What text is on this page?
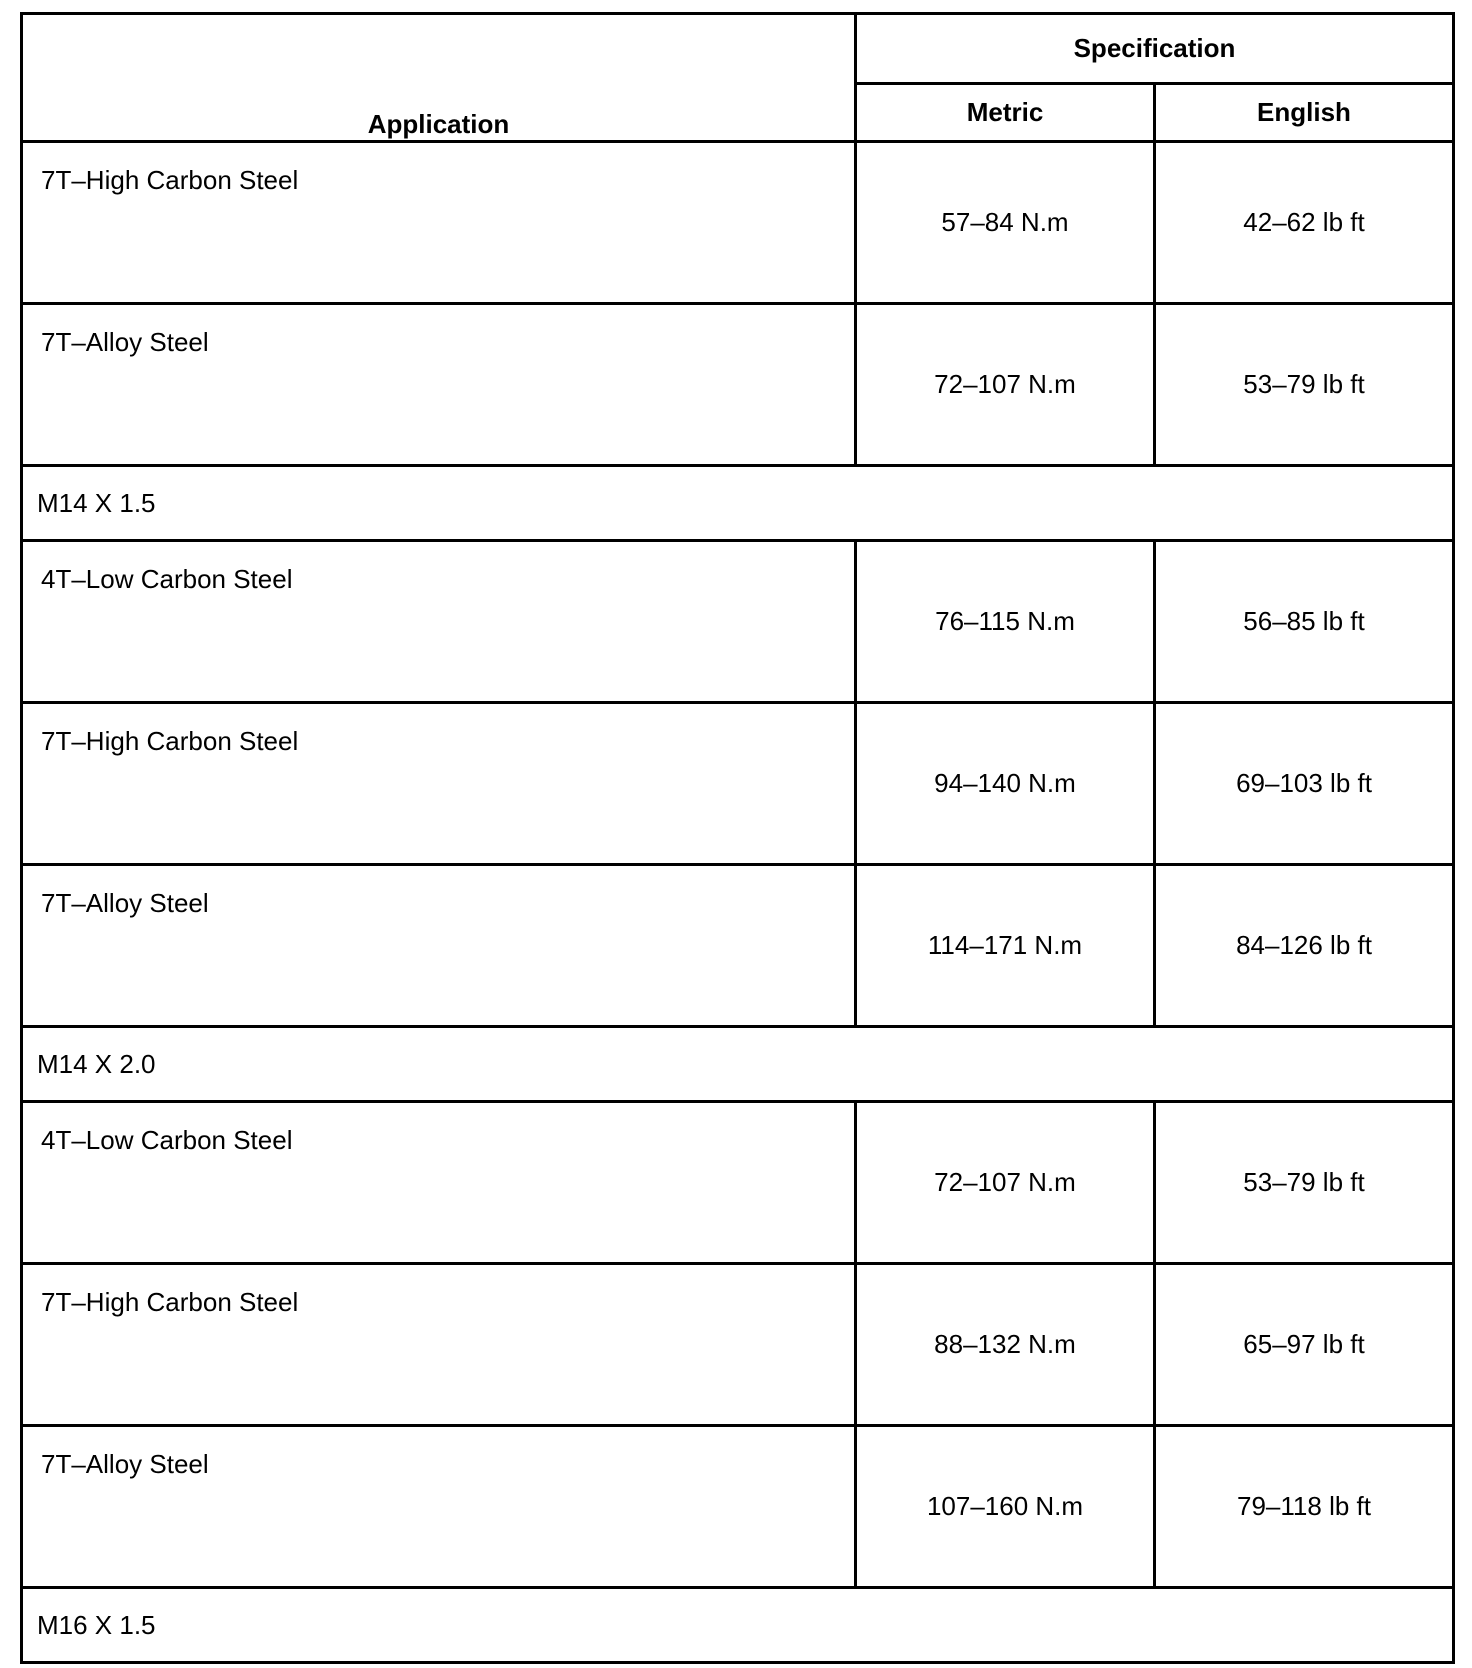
Application	Specification	
	Metric	English
7T–High Carbon Steel	57–84 N.m	42–62 lb ft
7T–Alloy Steel	72–107 N.m	53–79 lb ft
M14 X 1.5		
4T–Low Carbon Steel	76–115 N.m	56–85 lb ft
7T–High Carbon Steel	94–140 N.m	69–103 lb ft
7T–Alloy Steel	114–171 N.m	84–126 lb ft
M14 X 2.0		
4T–Low Carbon Steel	72–107 N.m	53–79 lb ft
7T–High Carbon Steel	88–132 N.m	65–97 lb ft
7T–Alloy Steel	107–160 N.m	79–118 lb ft
M16 X 1.5		
